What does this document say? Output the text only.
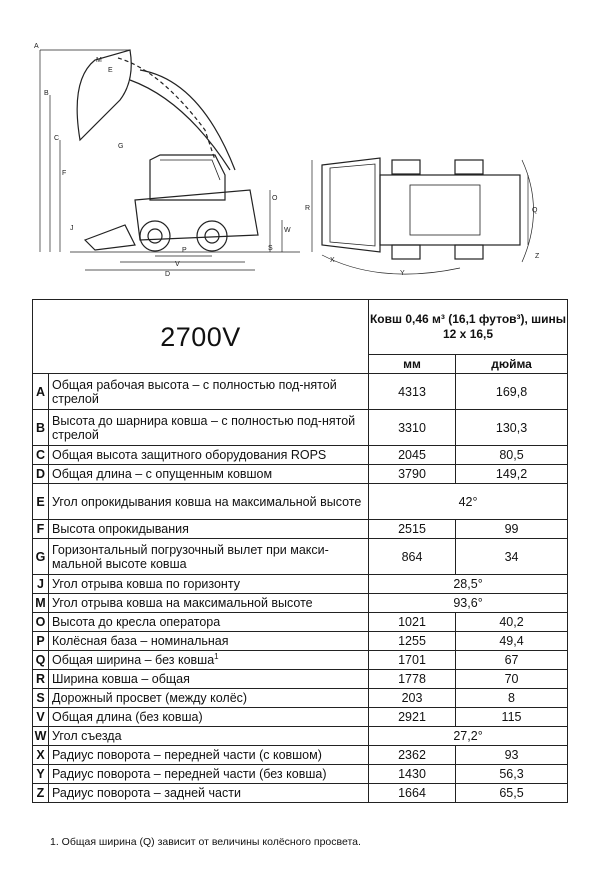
A
B
C
D
E
F
G
J
M
O
P	S
V
W
R	Q
X
Y
Z
2700V		Ковш 0,46 м³ (16,1 футов³), шины 12 х 16,5	
		мм	дюйма
A	Общая рабочая высота – с полностью под-нятой стрелой	4313	169,8
B	Высота до шарнира ковша – с полностью под-нятой стрелой	3310	130,3
C	Общая высота защитного оборудования ROPS	2045	80,5
D	Общая длина – с опущенным ковшом	3790	149,2
E	Угол опрокидывания ковша на максимальной высоте	42°	
F	Высота опрокидывания	2515	99
G	Горизонтальный погрузочный вылет при макси-мальной высоте ковша	864	34
J	Угол отрыва ковша по горизонту	28,5°	
M	Угол отрыва ковша на максимальной высоте	93,6°	
O	Высота до кресла оператора	1021	40,2
P	Колёсная база – номинальная	1255	49,4
Q	Общая ширина – без ковша$^1$	1701	67
R	Ширина ковша – общая	1778	70
S	Дорожный просвет (между колёс)	203	8
V	Общая длина (без ковша)	2921	115
W	Угол съезда	27,2°	
X	Радиус поворота – передней части (с ковшом)	2362	93
Y	Радиус поворота – передней части (без ковша)	1430	56,3
Z	Радиус поворота – задней части	1664	65,5
1. Общая ширина (Q) зависит от величины колёсного просвета.
